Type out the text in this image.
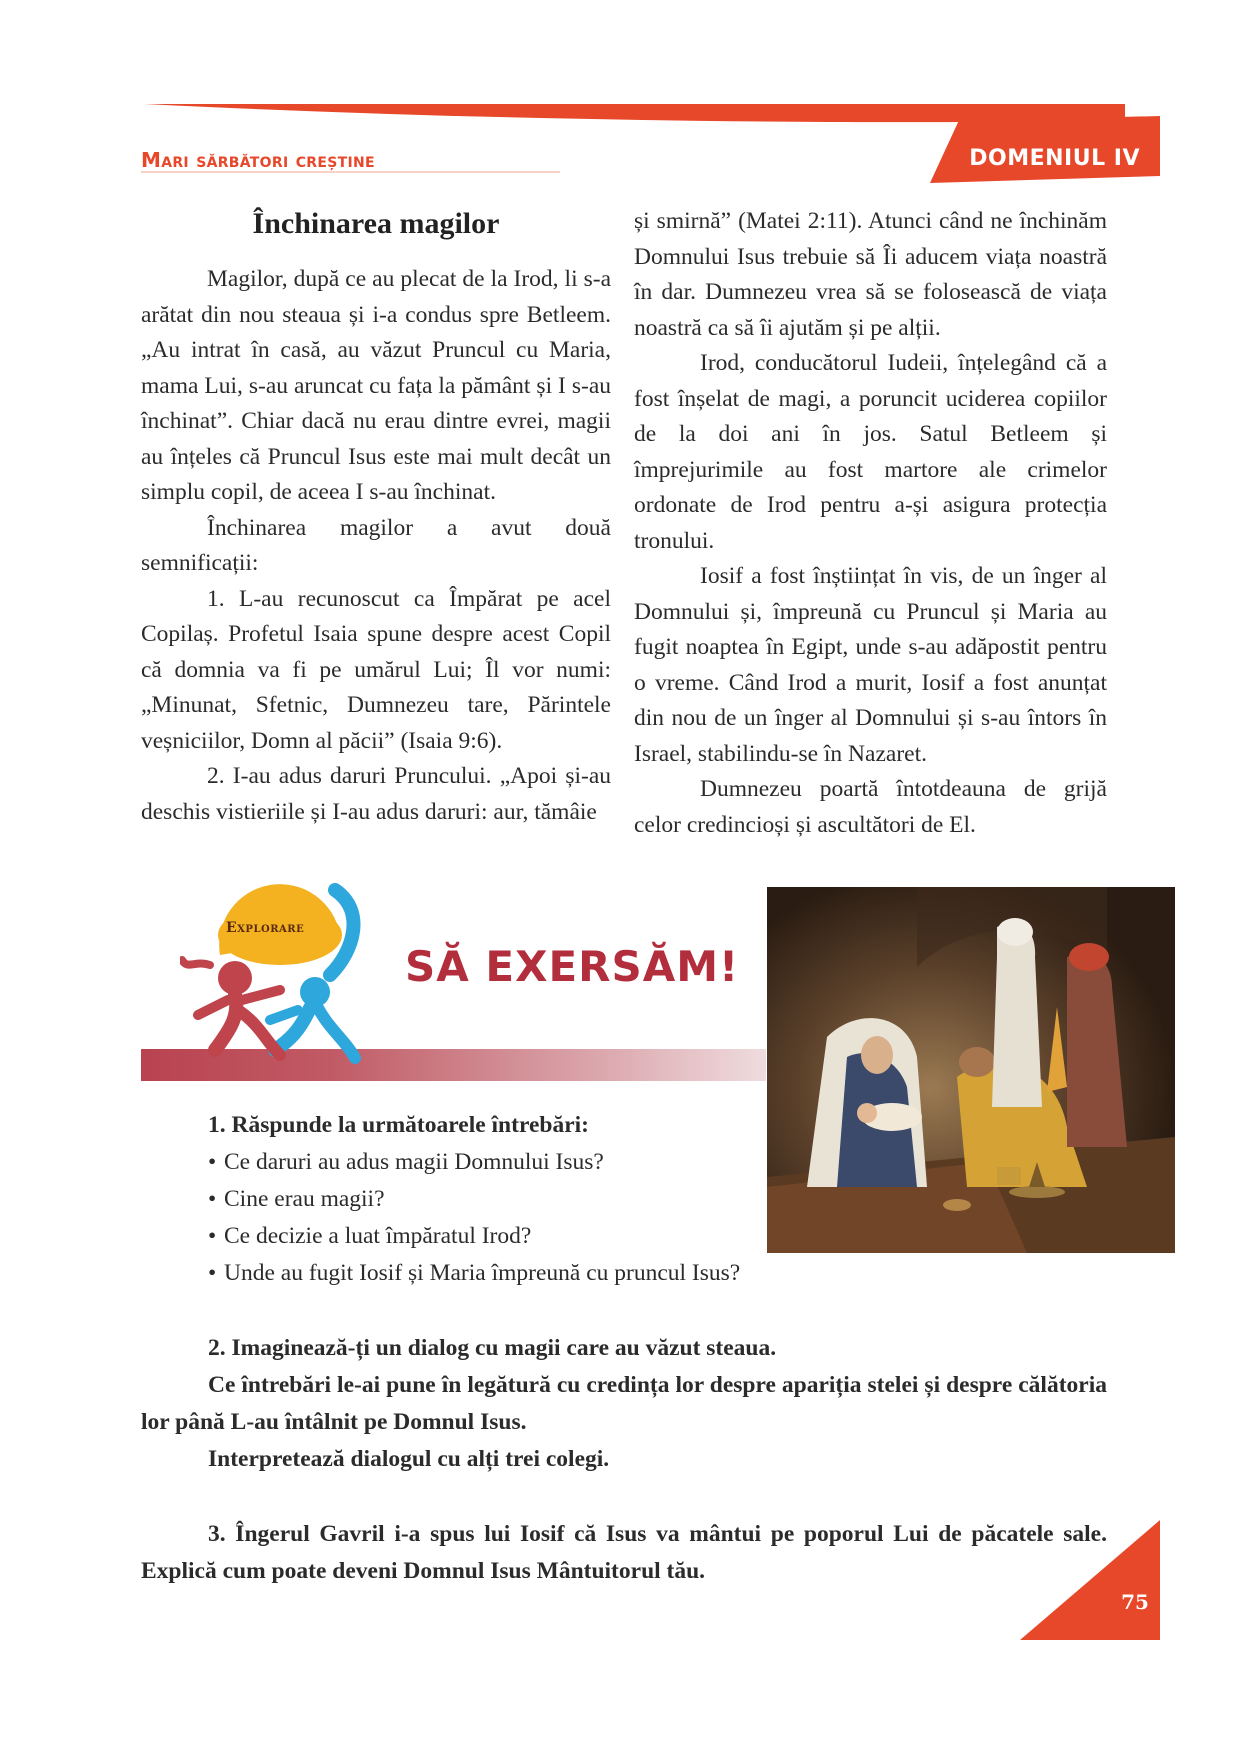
Mari sărbători creștine	DOMENIUL IV

Închinarea magilor

Magilor, după ce au plecat de la Irod, li s-a arătat din nou steaua și i-a condus spre Betleem. „Au intrat în casă, au văzut Pruncul cu Maria, mama Lui, s-au aruncat cu fața la pământ și I s-au închinat”. Chiar dacă nu erau dintre evrei, magii au înțeles că Pruncul Isus este mai mult decât un simplu copil, de aceea I s-au închinat.

Închinarea magilor a avut două semnificații:

1. L-au recunoscut ca Împărat pe acel Copilaș. Profetul Isaia spune despre acest Copil că domnia va fi pe umărul Lui; Îl vor numi: „Minunat, Sfetnic, Dumnezeu tare, Părintele veșniciilor, Domn al păcii” (Isaia 9:6).

2. I-au adus daruri Pruncului. „Apoi și-au deschis vistieriile și I-au adus daruri: aur, tămâie

și smirnă” (Matei 2:11). Atunci când ne închinăm Domnului Isus trebuie să Îi aducem viața noastră în dar. Dumnezeu vrea să se folosească de viața noastră ca să îi ajutăm și pe alții.

Irod, conducătorul Iudeii, înțelegând că a fost înșelat de magi, a poruncit uciderea copiilor de la doi ani în jos. Satul Betleem și împrejurimile au fost martore ale crimelor ordonate de Irod pentru a-și asigura protecția tronului.

Iosif a fost înștiințat în vis, de un înger al Domnului și, împreună cu Pruncul și Maria au fugit noaptea în Egipt, unde s-au adăpostit pentru o vreme. Când Irod a murit, Iosif a fost anunțat din nou de un înger al Domnului și s-au întors în Israel, stabilindu-se în Nazaret.

Dumnezeu poartă întotdeauna de grijă celor credincioși și ascultători de El.

Explorare
SĂ EXERSĂM!

1. Răspunde la următoarele întrebări:

• Ce daruri au adus magii Domnului Isus?

• Cine erau magii?

• Ce decizie a luat împăratul Irod?

• Unde au fugit Iosif și Maria împreună cu pruncul Isus?

2. Imaginează-ți un dialog cu magii care au văzut steaua.

Ce întrebări le-ai pune în legătură cu credința lor despre apariția stelei și despre călătoria lor până L-au întâlnit pe Domnul Isus.

Interpretează dialogul cu alți trei colegi.

3. Îngerul Gavril i-a spus lui Iosif că Isus va mântui pe poporul Lui de păcatele sale. Explică cum poate deveni Domnul Isus Mântuitorul tău.

75
